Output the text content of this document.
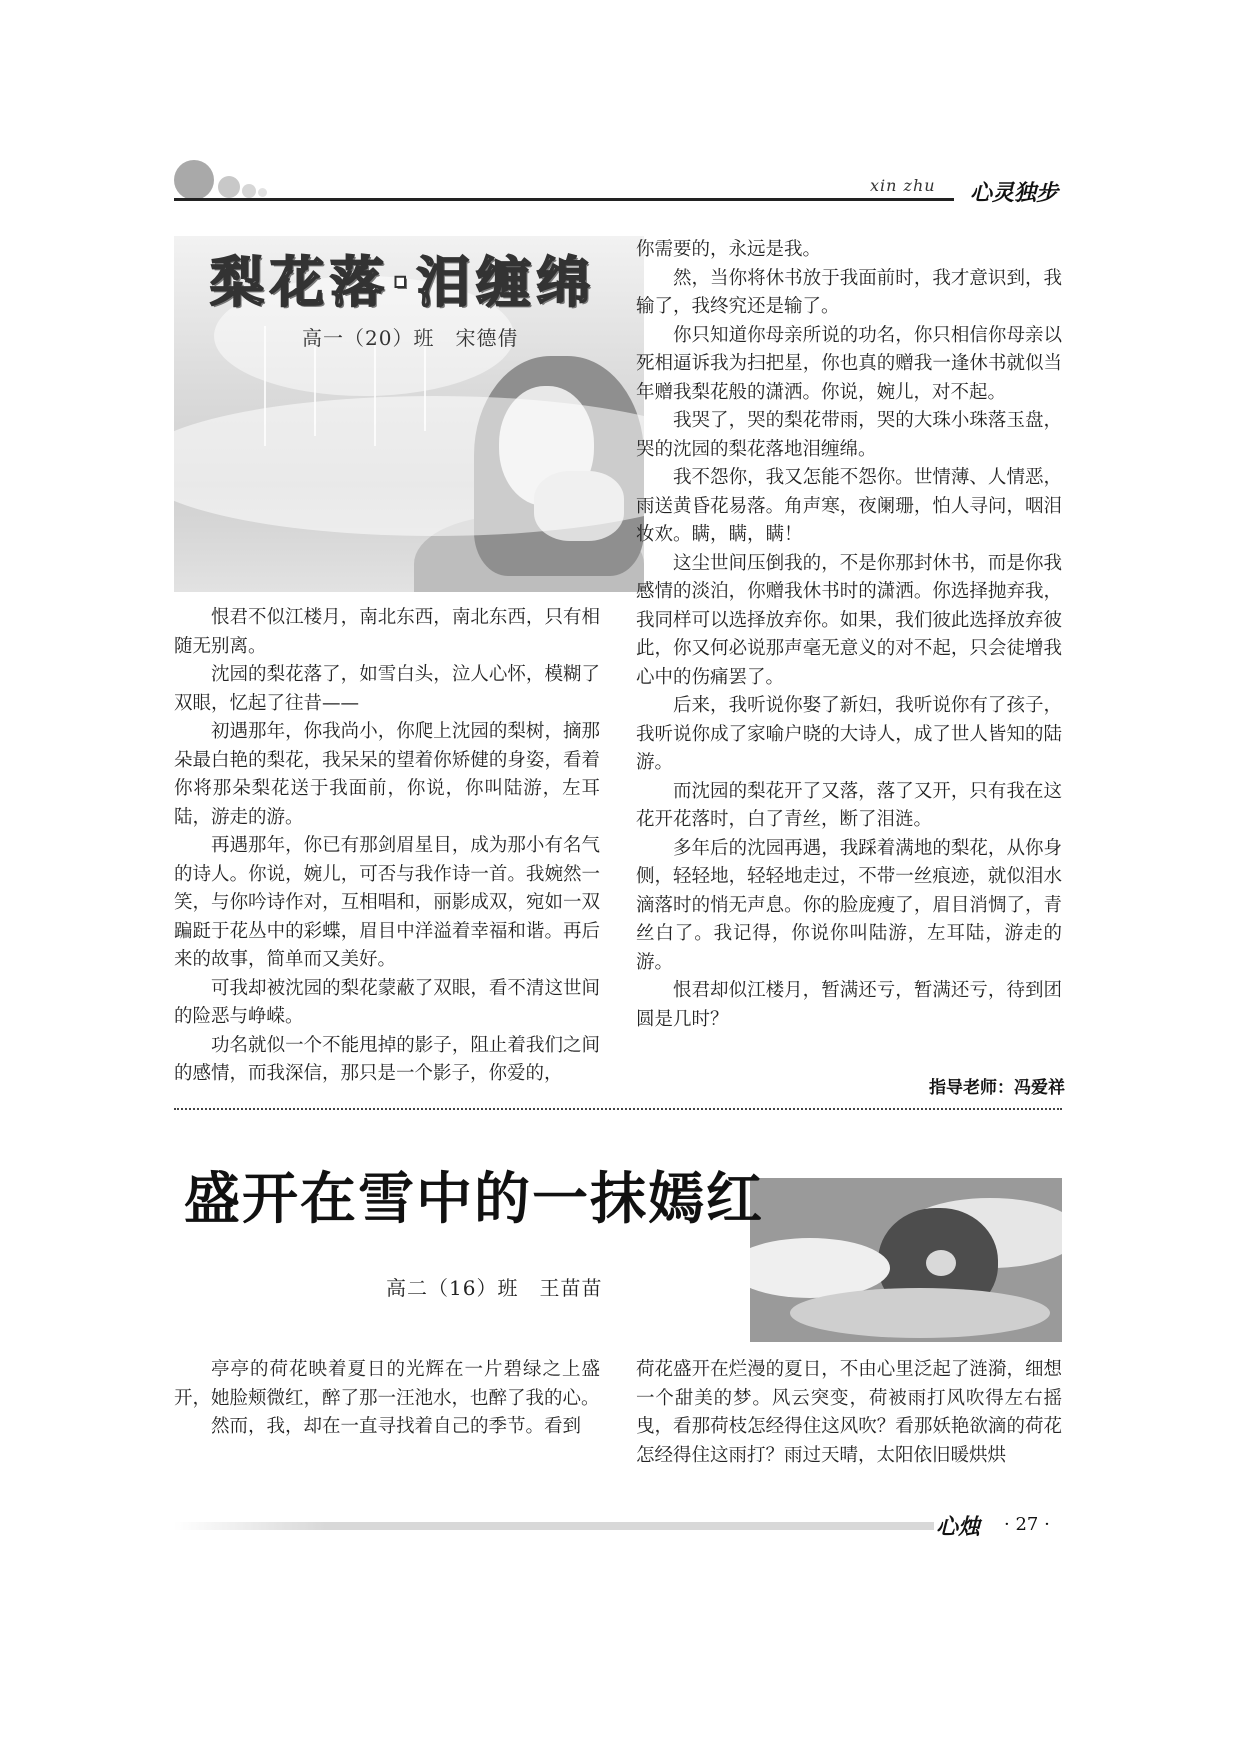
xin zhu 心灵独步
梨花落·泪缠绵
高一（20）班　宋德倩

恨君不似江楼月，南北东西，南北东西，只有相随无别离。

沈园的梨花落了，如雪白头，泣人心怀，模糊了双眼，忆起了往昔——

初遇那年，你我尚小，你爬上沈园的梨树，摘那朵最白艳的梨花，我呆呆的望着你矫健的身姿，看着你将那朵梨花送于我面前，你说，你叫陆游，左耳陆，游走的游。

再遇那年，你已有那剑眉星目，成为那小有名气的诗人。你说，婉儿，可否与我作诗一首。我婉然一笑，与你吟诗作对，互相唱和，丽影成双，宛如一双蹁跹于花丛中的彩蝶，眉目中洋溢着幸福和谐。再后来的故事，简单而又美好。

可我却被沈园的梨花蒙蔽了双眼，看不清这世间的险恶与峥嵘。

功名就似一个不能甩掉的影子，阻止着我们之间的感情，而我深信，那只是一个影子，你爱的，

你需要的，永远是我。

然，当你将休书放于我面前时，我才意识到，我输了，我终究还是输了。

你只知道你母亲所说的功名，你只相信你母亲以死相逼诉我为扫把星，你也真的赠我一逢休书就似当年赠我梨花般的潇洒。你说，婉儿，对不起。

我哭了，哭的梨花带雨，哭的大珠小珠落玉盘，哭的沈园的梨花落地泪缠绵。

我不怨你，我又怎能不怨你。世情薄、人情恶，雨送黄昏花易落。角声寒，夜阑珊，怕人寻问，咽泪妆欢。瞒，瞒，瞒！

这尘世间压倒我的，不是你那封休书，而是你我感情的淡泊，你赠我休书时的潇洒。你选择抛弃我，我同样可以选择放弃你。如果，我们彼此选择放弃彼此，你又何必说那声毫无意义的对不起，只会徒增我心中的伤痛罢了。

后来，我听说你娶了新妇，我听说你有了孩子，我听说你成了家喻户晓的大诗人，成了世人皆知的陆游。

而沈园的梨花开了又落，落了又开，只有我在这花开花落时，白了青丝，断了泪涟。

多年后的沈园再遇，我踩着满地的梨花，从你身侧，轻轻地，轻轻地走过，不带一丝痕迹，就似泪水滴落时的悄无声息。你的脸庞瘦了，眉目消惆了，青丝白了。我记得，你说你叫陆游，左耳陆，游走的游。

恨君却似江楼月，暂满还亏，暂满还亏，待到团圆是几时？

指导老师：冯爱祥
盛开在雪中的一抹嫣红
高二（16）班　王苗苗

亭亭的荷花映着夏日的光辉在一片碧绿之上盛开，她脸颊微红，醉了那一汪池水，也醉了我的心。

然而，我，却在一直寻找着自己的季节。看到

荷花盛开在烂漫的夏日，不由心里泛起了涟漪，细想一个甜美的梦。风云突变，荷被雨打风吹得左右摇曳，看那荷枝怎经得住这风吹？看那妖艳欲滴的荷花怎经得住这雨打？雨过天晴，太阳依旧暖烘烘

心烛 · 27 ·
